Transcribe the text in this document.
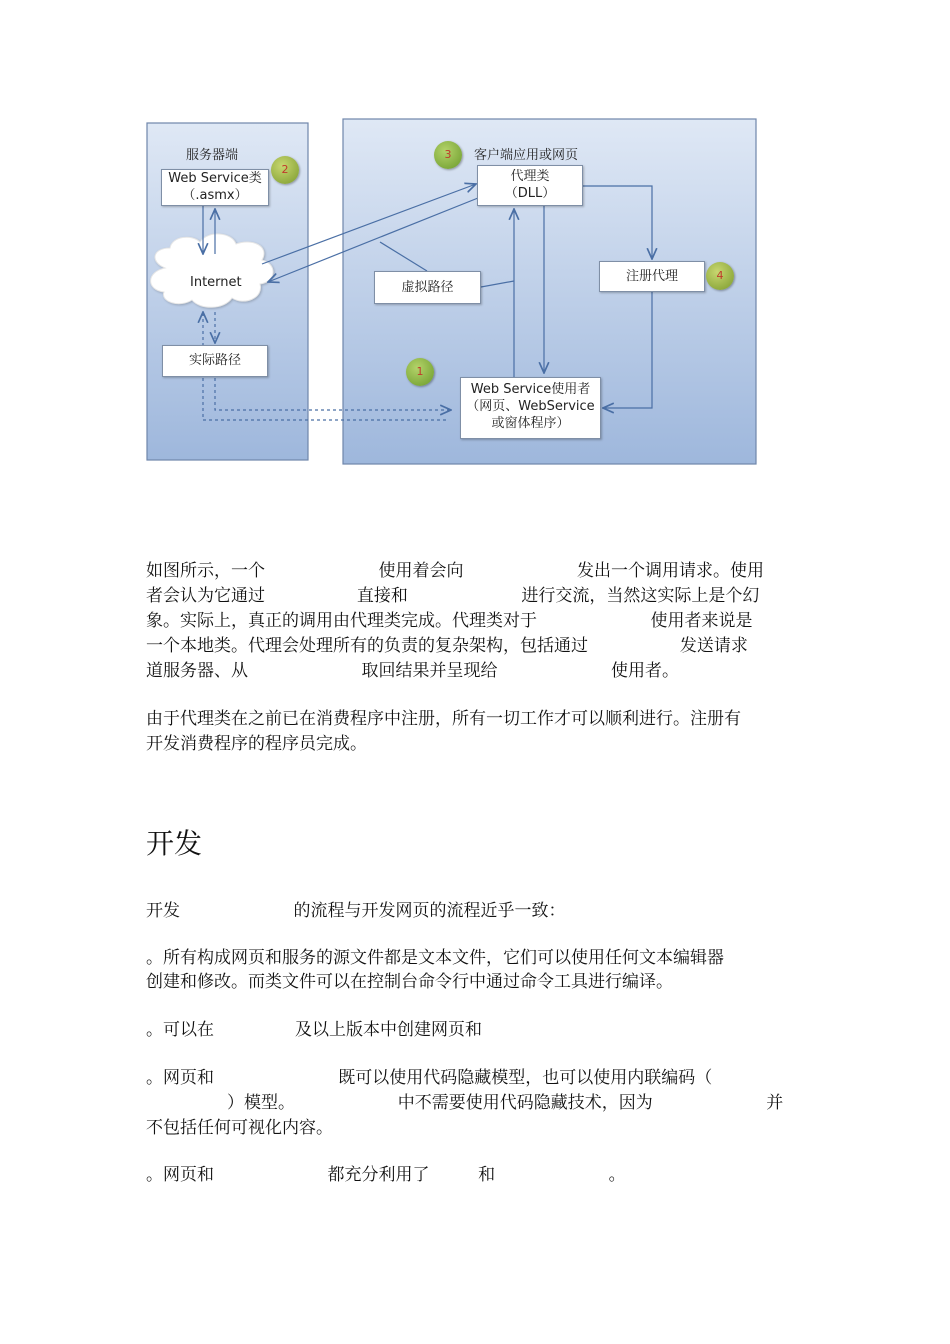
服务器端
Web Service类
（.asmx）
Internet
实际路径
客户端应用或网页
代理类
（DLL）
虚拟路径
注册代理
Web Service使用者
（网页、WebService
或窗体程序）
1
2
3
4
如图所示，一个                     使用着会向                     发出一个调用请求。使用
者会认为它通过                 直接和                     进行交流，当然这实际上是个幻
象。实际上，真正的调用由代理类完成。代理类对于                     使用者来说是
一个本地类。代理会处理所有的负责的复杂架构，包括通过                 发送请求
道服务器、从                     取回结果并呈现给                     使用者。
由于代理类在之前已在消费程序中注册，所有一切工作才可以顺利进行。注册有
开发消费程序的程序员完成。
开发
开发                     的流程与开发网页的流程近乎一致：
。所有构成网页和服务的源文件都是文本文件，它们可以使用任何文本编辑器
创建和修改。而类文件可以在控制台命令行中通过命令工具进行编译。
。可以在               及以上版本中创建网页和
。网页和                       既可以使用代码隐藏模型，也可以使用内联编码（
）模型。                   中不需要使用代码隐藏技术，因为                     并
不包括任何可视化内容。
。网页和                     都充分利用了         和                     。
